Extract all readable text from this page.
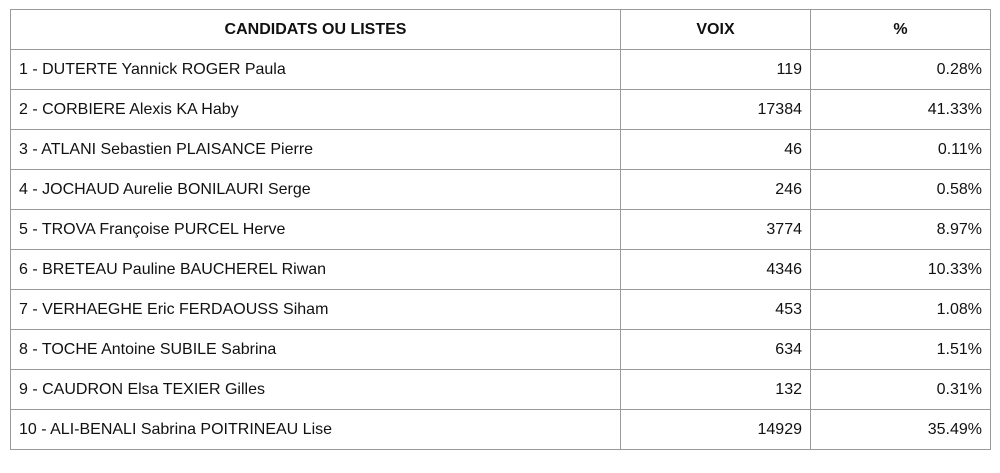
CANDIDATS OU LISTES	VOIX	%
1 - DUTERTE Yannick ROGER Paula	119	0.28%
2 - CORBIERE Alexis KA Haby	17384	41.33%
3 - ATLANI Sebastien PLAISANCE Pierre	46	0.11%
4 - JOCHAUD Aurelie BONILAURI Serge	246	0.58%
5 - TROVA Françoise PURCEL Herve	3774	8.97%
6 - BRETEAU Pauline BAUCHEREL Riwan	4346	10.33%
7 - VERHAEGHE Eric FERDAOUSS Siham	453	1.08%
8 - TOCHE Antoine SUBILE Sabrina	634	1.51%
9 - CAUDRON Elsa TEXIER Gilles	132	0.31%
10 - ALI-BENALI Sabrina POITRINEAU Lise	14929	35.49%
